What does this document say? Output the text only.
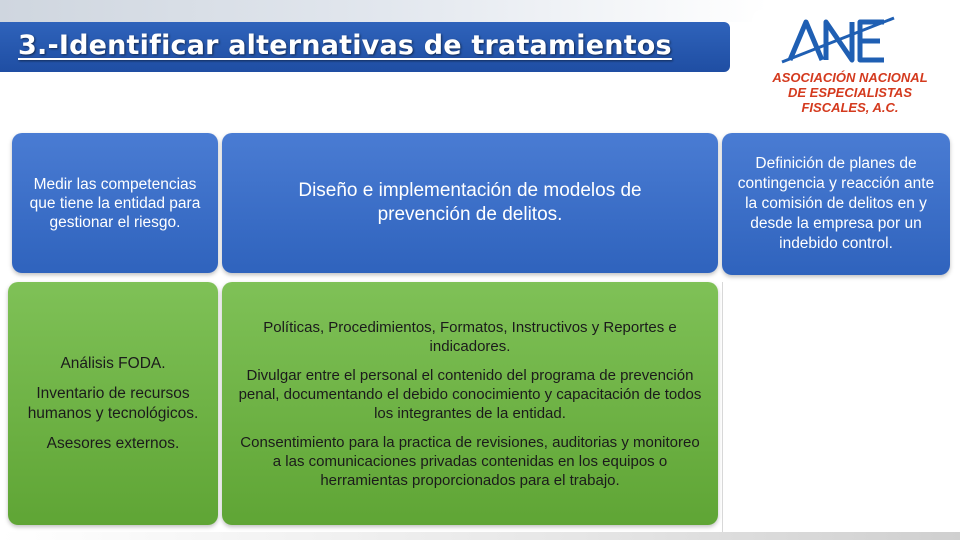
3.-Identificar alternativas de tratamientos
ASOCIACIÓN NACIONAL
DE ESPECIALISTAS
FISCALES, A.C.
Medir las competencias que tiene la entidad para gestionar el riesgo.
Diseño e implementación de modelos de prevención de delitos.
Definición de planes de contingencia y reacción ante la comisión de delitos en y desde la empresa por un indebido control.

Análisis FODA.

Inventario de recursos humanos y tecnológicos.

Asesores externos.

Políticas, Procedimientos, Formatos, Instructivos y Reportes e indicadores.

Divulgar entre el personal el contenido del programa de prevención penal, documentando el debido conocimiento y capacitación de todos los integrantes de la entidad.

Consentimiento para la practica de revisiones, auditorias y monitoreo a las comunicaciones privadas contenidas en los equipos o herramientas proporcionados para el trabajo.
